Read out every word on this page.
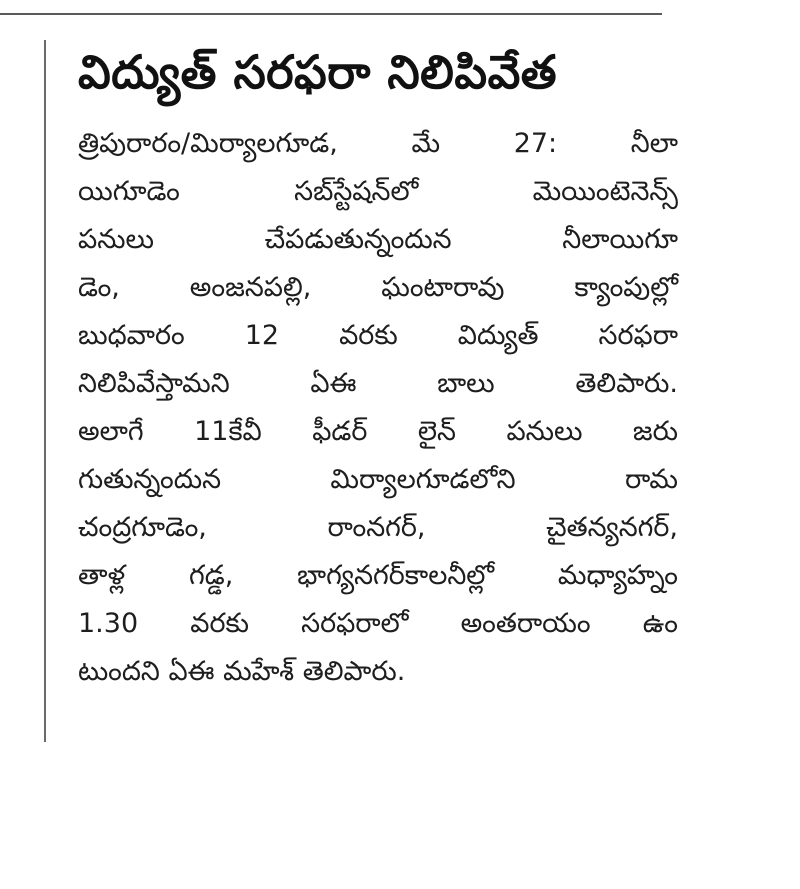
విద్యుత్ సరఫరా నిలిపివేత
త్రిపురారం/మిర్యాలగూడ, మే 27: నీలా
యిగూడెం సబ్‌స్టేషన్‌లో మెయింటెనెన్స్
పనులు చేపడుతున్నందున నీలాయిగూ
డెం, అంజనపల్లి, ఘంటారావు క్యాంపుల్లో
బుధవారం 12 వరకు విద్యుత్ సరఫరా
నిలిపివేస్తామని ఏఈ బాలు తెలిపారు.
అలాగే 11కేవీ ఫీడర్ లైన్ పనులు జరు
గుతున్నందున మిర్యాలగూడలోని రామ
చంద్రగూడెం, రాంనగర్, చైతన్యనగర్,
తాళ్ల గడ్డ, భాగ్యనగర్‌కాలనీల్లో మధ్యాహ్నం
1.30 వరకు సరఫరాలో అంతరాయం ఉం
టుందని ఏఈ మహేశ్ తెలిపారు.
